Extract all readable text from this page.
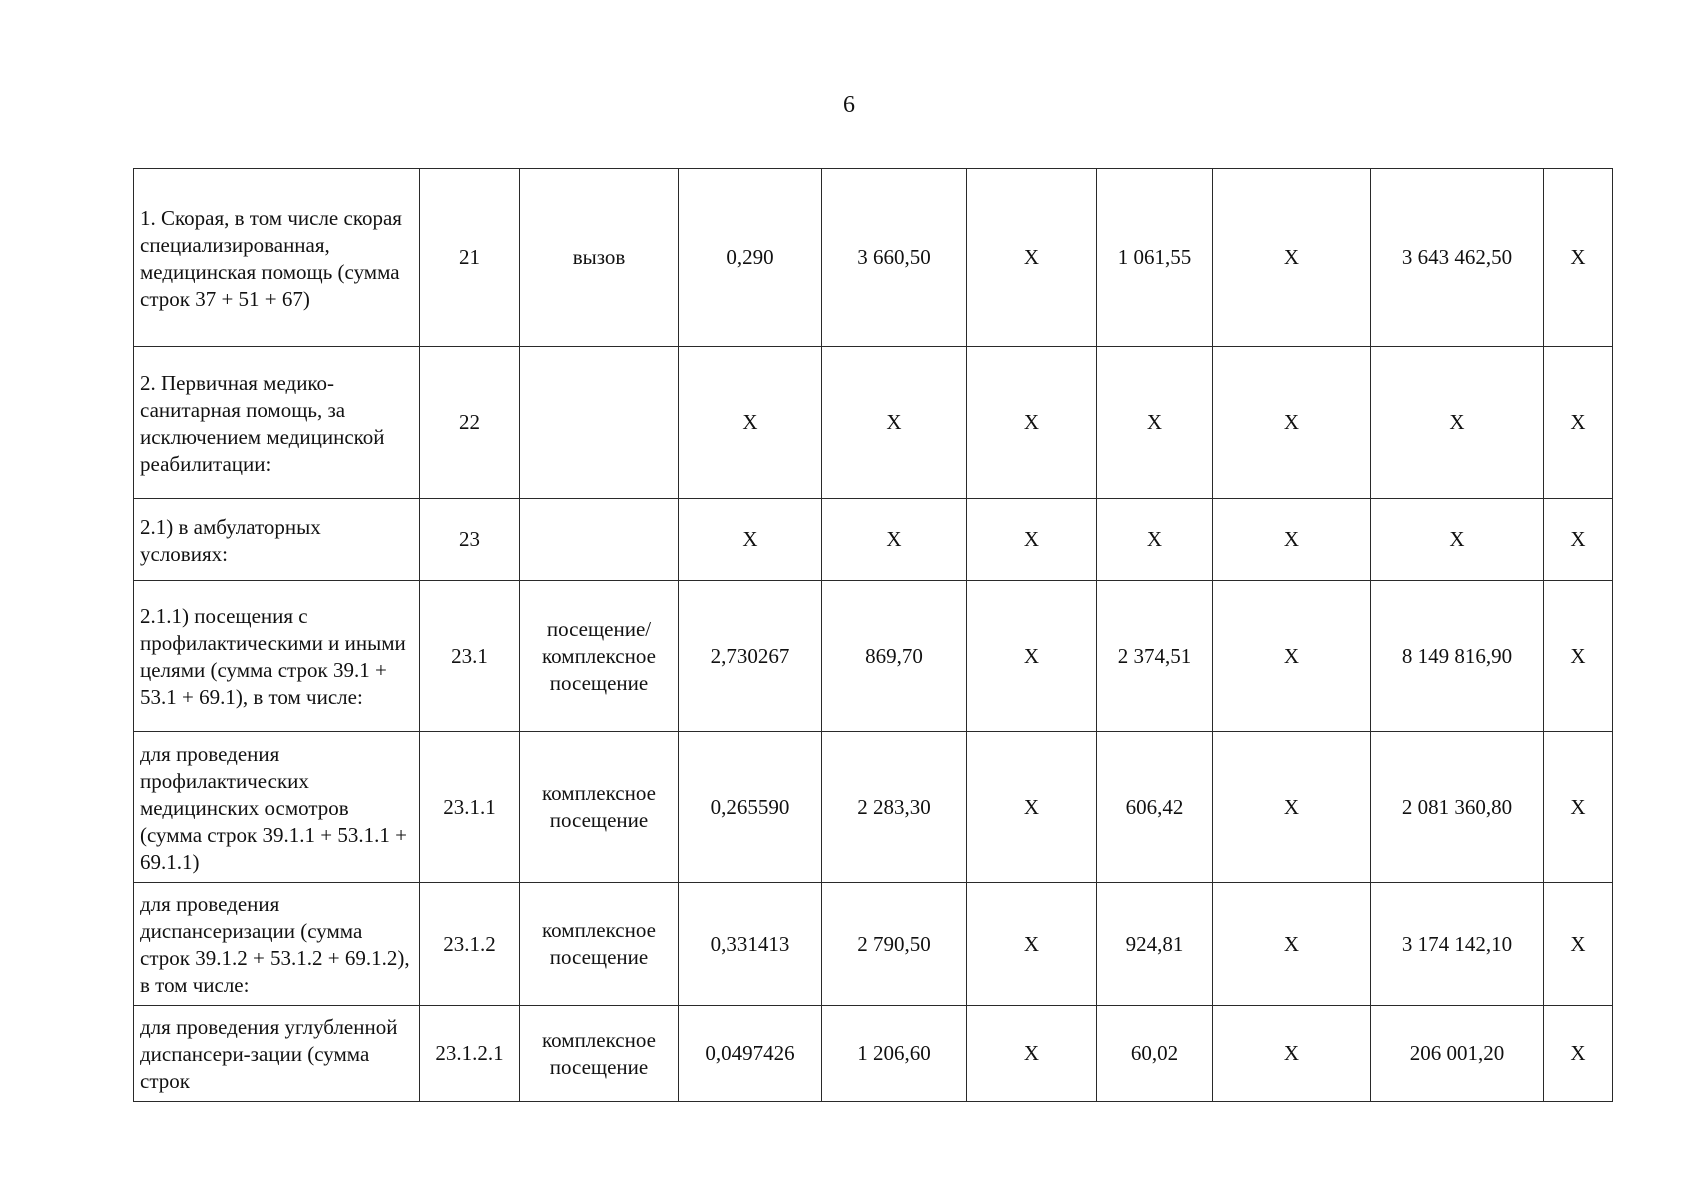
6
1. Скорая, в том числе скорая специализированная, медицинская помощь (сумма строк 37 + 51 + 67)	21	вызов	0,290	3 660,50	Х	1 061,55	Х	3 643 462,50	Х
2. Первичная медико-санитарная помощь, за исключением медицинской реабилитации:	22		Х	Х	Х	Х	Х	Х	Х
2.1) в амбулаторных условиях:	23		Х	Х	Х	Х	Х	Х	Х
2.1.1) посещения с профилактическими и иными целями (сумма строк 39.1 + 53.1 + 69.1), в том числе:	23.1	посещение/ комплексное посещение	2,730267	869,70	Х	2 374,51	Х	8 149 816,90	Х
для проведения профилактических медицинских осмотров (сумма строк 39.1.1 + 53.1.1 + 69.1.1)	23.1.1	комплексное посещение	0,265590	2 283,30	Х	606,42	Х	2 081 360,80	Х
для проведения диспансеризации (сумма строк 39.1.2 + 53.1.2 + 69.1.2), в том числе:	23.1.2	комплексное посещение	0,331413	2 790,50	Х	924,81	Х	3 174 142,10	Х
для проведения углубленной диспансери-зации (сумма строк	23.1.2.1	комплексное посещение	0,0497426	1 206,60	Х	60,02	Х	206 001,20	Х
